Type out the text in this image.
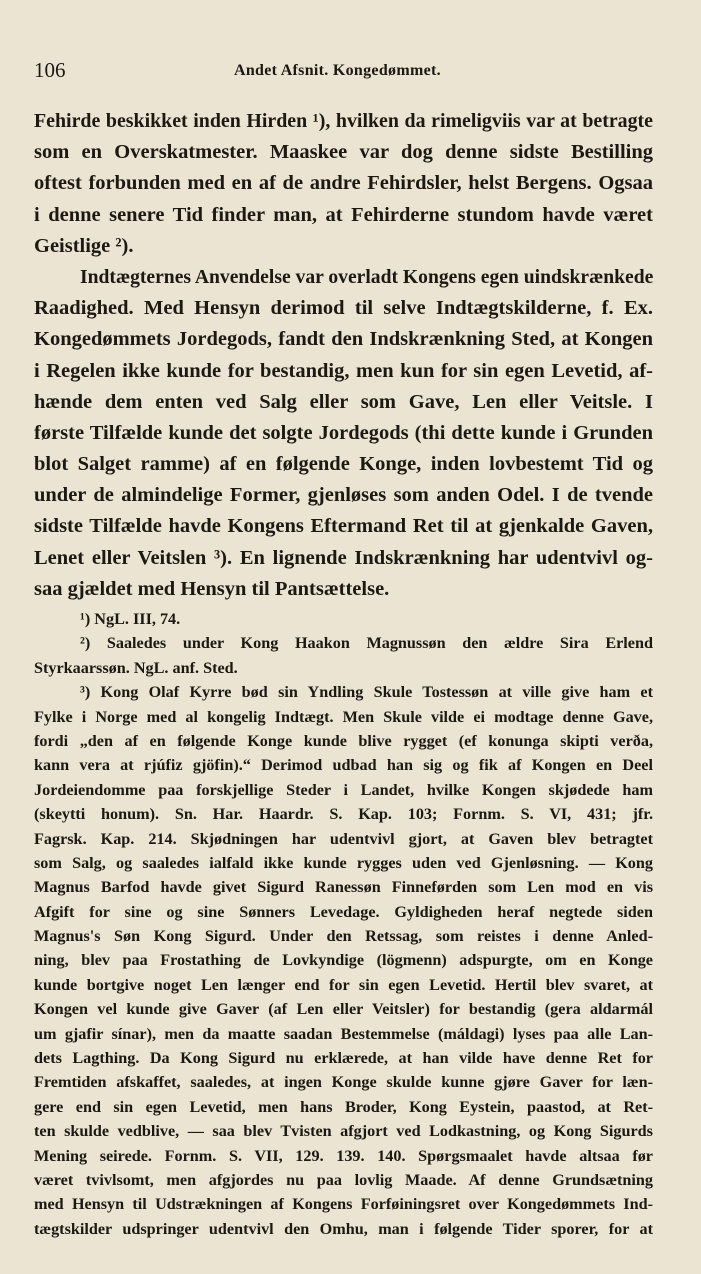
106	Andet Afsnit. Kongedømmet.
Fehirde beskikket inden Hirden ¹), hvilken da rimeligviis var at betragte
som en Overskatmester. Maaskee var dog denne sidste Bestilling
oftest forbunden med en af de andre Fehirdsler, helst Bergens. Ogsaa
i denne senere Tid finder man, at Fehirderne stundom havde været
Geistlige ²).
Indtægternes Anvendelse var overladt Kongens egen uindskrænkede
Raadighed. Med Hensyn derimod til selve Indtægtskilderne, f. Ex.
Kongedømmets Jordegods, fandt den Indskrænkning Sted, at Kongen
i Regelen ikke kunde for bestandig, men kun for sin egen Levetid, af-
hænde dem enten ved Salg eller som Gave, Len eller Veitsle. I
første Tilfælde kunde det solgte Jordegods (thi dette kunde i Grunden
blot Salget ramme) af en følgende Konge, inden lovbestemt Tid og
under de almindelige Former, gjenløses som anden Odel. I de tvende
sidste Tilfælde havde Kongens Eftermand Ret til at gjenkalde Gaven,
Lenet eller Veitslen ³). En lignende Indskrænkning har udentvivl og-
saa gjældet med Hensyn til Pantsættelse.
¹) NgL. III, 74.
²) Saaledes under Kong Haakon Magnussøn den ældre Sira Erlend
Styrkaarssøn. NgL. anf. Sted.
³) Kong Olaf Kyrre bød sin Yndling Skule Tostessøn at ville give ham et
Fylke i Norge med al kongelig Indtægt. Men Skule vilde ei modtage denne Gave,
fordi „den af en følgende Konge kunde blive rygget (ef konunga skipti verða,
kann vera at rjúfiz gjöfin).“ Derimod udbad han sig og fik af Kongen en Deel
Jordeiendomme paa forskjellige Steder i Landet, hvilke Kongen skjødede ham
(skeytti honum). Sn. Har. Haardr. S. Kap. 103; Fornm. S. VI, 431; jfr.
Fagrsk. Kap. 214. Skjødningen har udentvivl gjort, at Gaven blev betragtet
som Salg, og saaledes ialfald ikke kunde rygges uden ved Gjenløsning. — Kong
Magnus Barfod havde givet Sigurd Ranessøn Finneførden som Len mod en vis
Afgift for sine og sine Sønners Levedage. Gyldigheden heraf negtede siden
Magnus's Søn Kong Sigurd. Under den Retssag, som reistes i denne Anled-
ning, blev paa Frostathing de Lovkyndige (lögmenn) adspurgte, om en Konge
kunde bortgive noget Len længer end for sin egen Levetid. Hertil blev svaret, at
Kongen vel kunde give Gaver (af Len eller Veitsler) for bestandig (gera aldarmál
um gjafir sínar), men da maatte saadan Bestemmelse (máldagi) lyses paa alle Lan-
dets Lagthing. Da Kong Sigurd nu erklærede, at han vilde have denne Ret for
Fremtiden afskaffet, saaledes, at ingen Konge skulde kunne gjøre Gaver for læn-
gere end sin egen Levetid, men hans Broder, Kong Eystein, paastod, at Ret-
ten skulde vedblive, — saa blev Tvisten afgjort ved Lodkastning, og Kong Sigurds
Mening seirede. Fornm. S. VII, 129. 139. 140. Spørgsmaalet havde altsaa før
været tvivlsomt, men afgjordes nu paa lovlig Maade. Af denne Grundsætning
med Hensyn til Udstrækningen af Kongens Forføiningsret over Kongedømmets Ind-
tægtskilder udspringer udentvivl den Omhu, man i følgende Tider sporer, for at
